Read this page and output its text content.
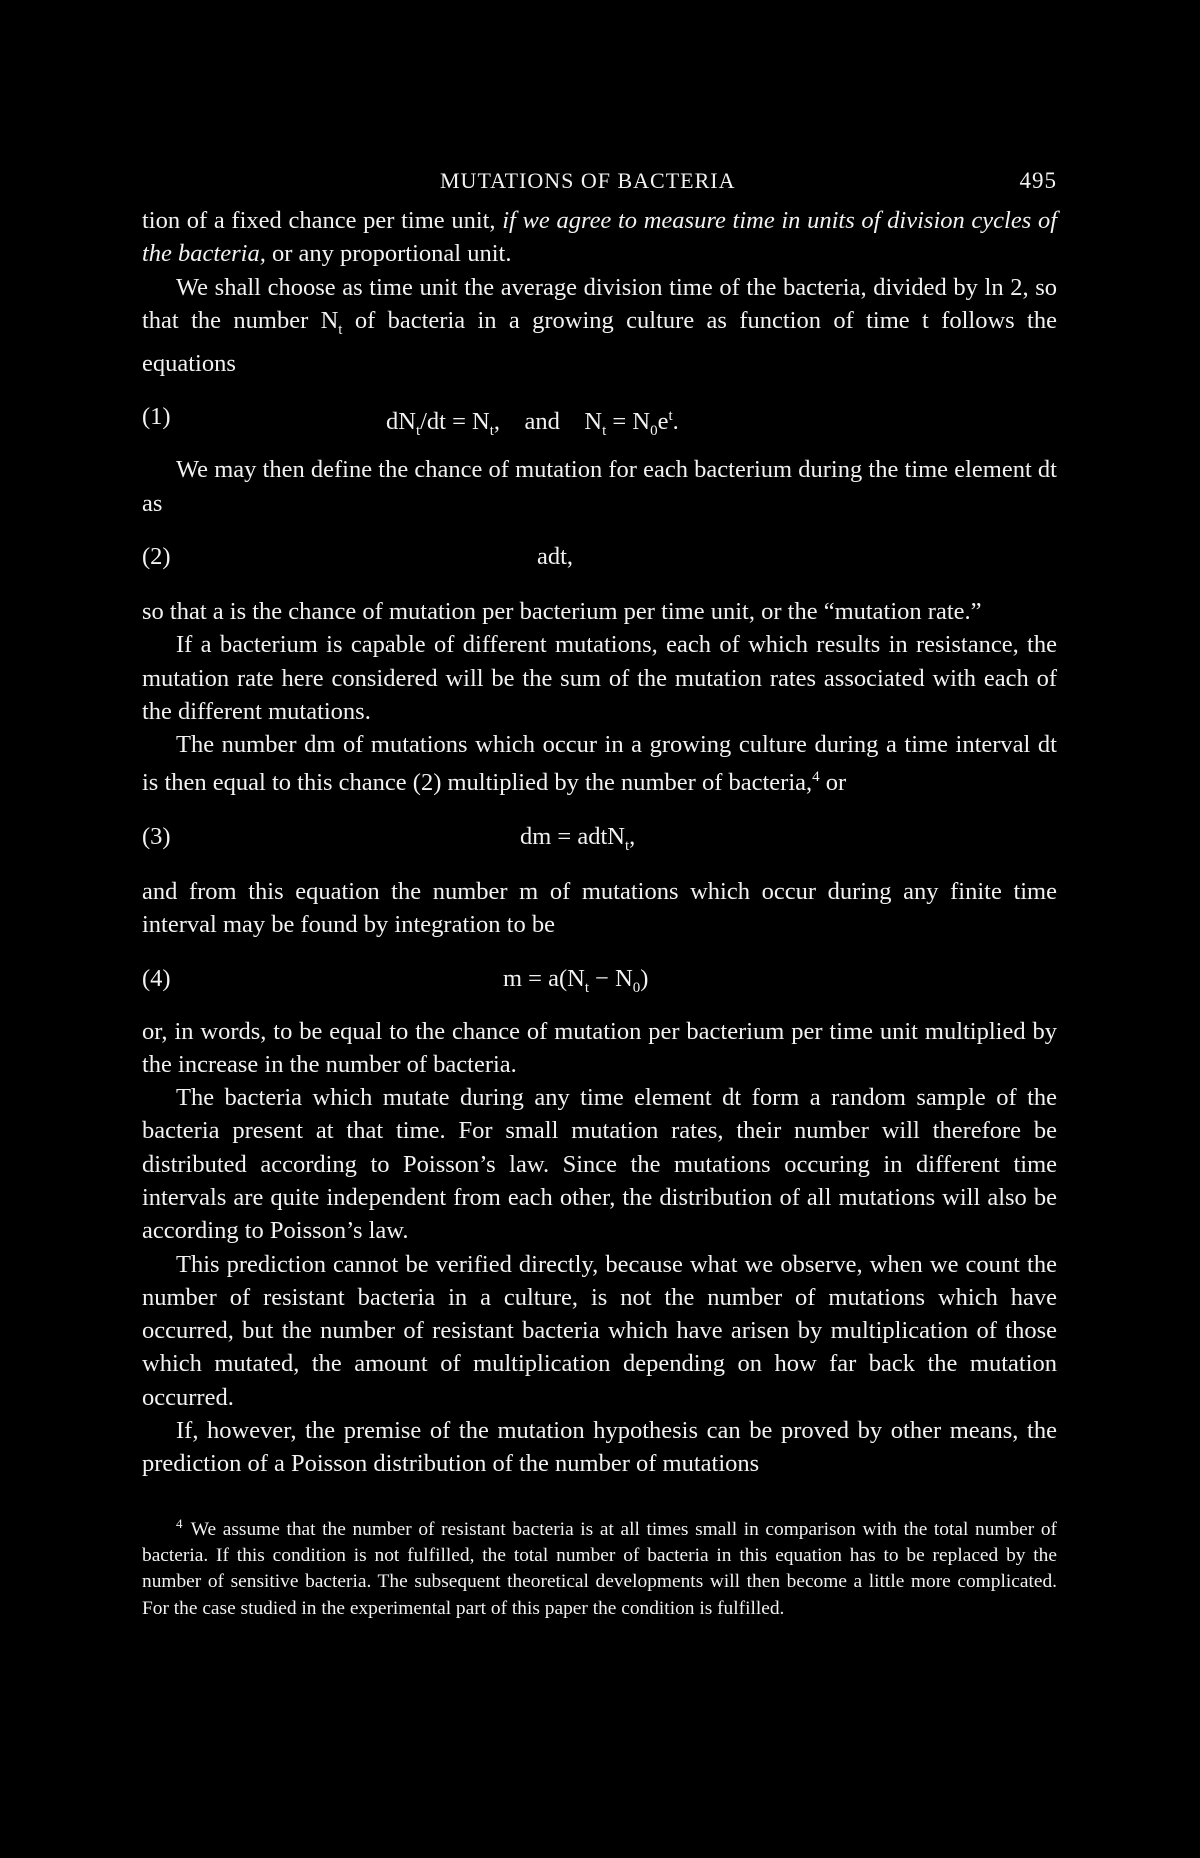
MUTATIONS OF BACTERIA	495

tion of a fixed chance per time unit, if we agree to measure time in units of division cycles of the bacteria, or any proportional unit.

We shall choose as time unit the average division time of the bacteria, divided by ln 2, so that the number $N_t$ of bacteria in a growing culture as function of time t follows the equations

(1)	$dN_t/dt = N_t$,    and    $N_t = N_0e^t$.

We may then define the chance of mutation for each bacterium during the time element dt as

(2)	adt,

so that a is the chance of mutation per bacterium per time unit, or the “mutation rate.”

If a bacterium is capable of different mutations, each of which results in resistance, the mutation rate here considered will be the sum of the mutation rates associated with each of the different mutations.

The number dm of mutations which occur in a growing culture during a time interval dt is then equal to this chance (2) multiplied by the number of bacteria,$^4$ or

(3)	dm = adtN$_t$,

and from this equation the number m of mutations which occur during any finite time interval may be found by integration to be

(4)	$m = a(N_t - N_0)$

or, in words, to be equal to the chance of mutation per bacterium per time unit multiplied by the increase in the number of bacteria.

The bacteria which mutate during any time element dt form a random sample of the bacteria present at that time. For small mutation rates, their number will therefore be distributed according to Poisson’s law. Since the mutations occuring in different time intervals are quite independent from each other, the distribution of all mutations will also be according to Poisson’s law.

This prediction cannot be verified directly, because what we observe, when we count the number of resistant bacteria in a culture, is not the number of mutations which have occurred, but the number of resistant bacteria which have arisen by multiplication of those which mutated, the amount of multiplication depending on how far back the mutation occurred.

If, however, the premise of the mutation hypothesis can be proved by other means, the prediction of a Poisson distribution of the number of mutations

$^4$ We assume that the number of resistant bacteria is at all times small in comparison with the total number of bacteria. If this condition is not fulfilled, the total number of bacteria in this equation has to be replaced by the number of sensitive bacteria. The subsequent theoretical developments will then become a little more complicated. For the case studied in the experimental part of this paper the condition is fulfilled.
